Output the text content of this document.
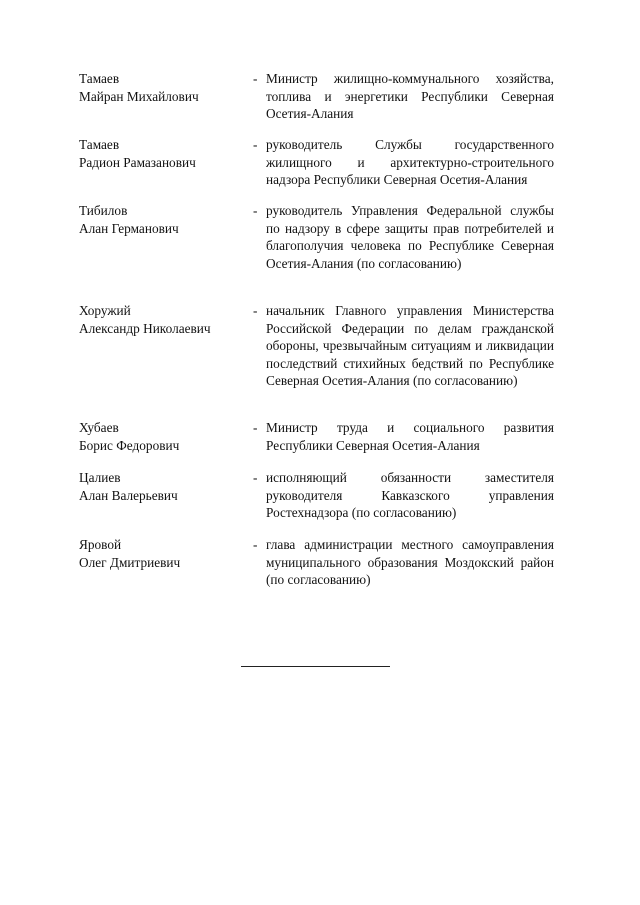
Тамаев
Майран Михайлович
- Министр жилищно-коммунального хозяйства, топлива и энергетики Республики Северная Осетия-Алания
Тамаев
Радион Рамазанович
- руководитель Службы государственного жилищного и архитектурно-строительного надзора Республики Северная Осетия-Алания
Тибилов
Алан Германович
- руководитель Управления Федеральной службы по надзору в сфере защиты прав потребителей и благополучия человека по Республике Северная Осетия-Алания (по согласованию)
Хоружий
Александр Николаевич
- начальник Главного управления Министерства Российской Федерации по делам гражданской обороны, чрезвычайным ситуациям и ликвидации последствий стихийных бедствий по Республике Северная Осетия-Алания (по согласованию)
Хубаев
Борис Федорович
- Министр труда и социального развития Республики Северная Осетия-Алания
Цалиев
Алан Валерьевич
- исполняющий обязанности заместителя руководителя Кавказского управления Ростехнадзора (по согласованию)
Яровой
Олег Дмитриевич
- глава администрации местного самоуправления муниципального образования Моздокский район (по согласованию)
